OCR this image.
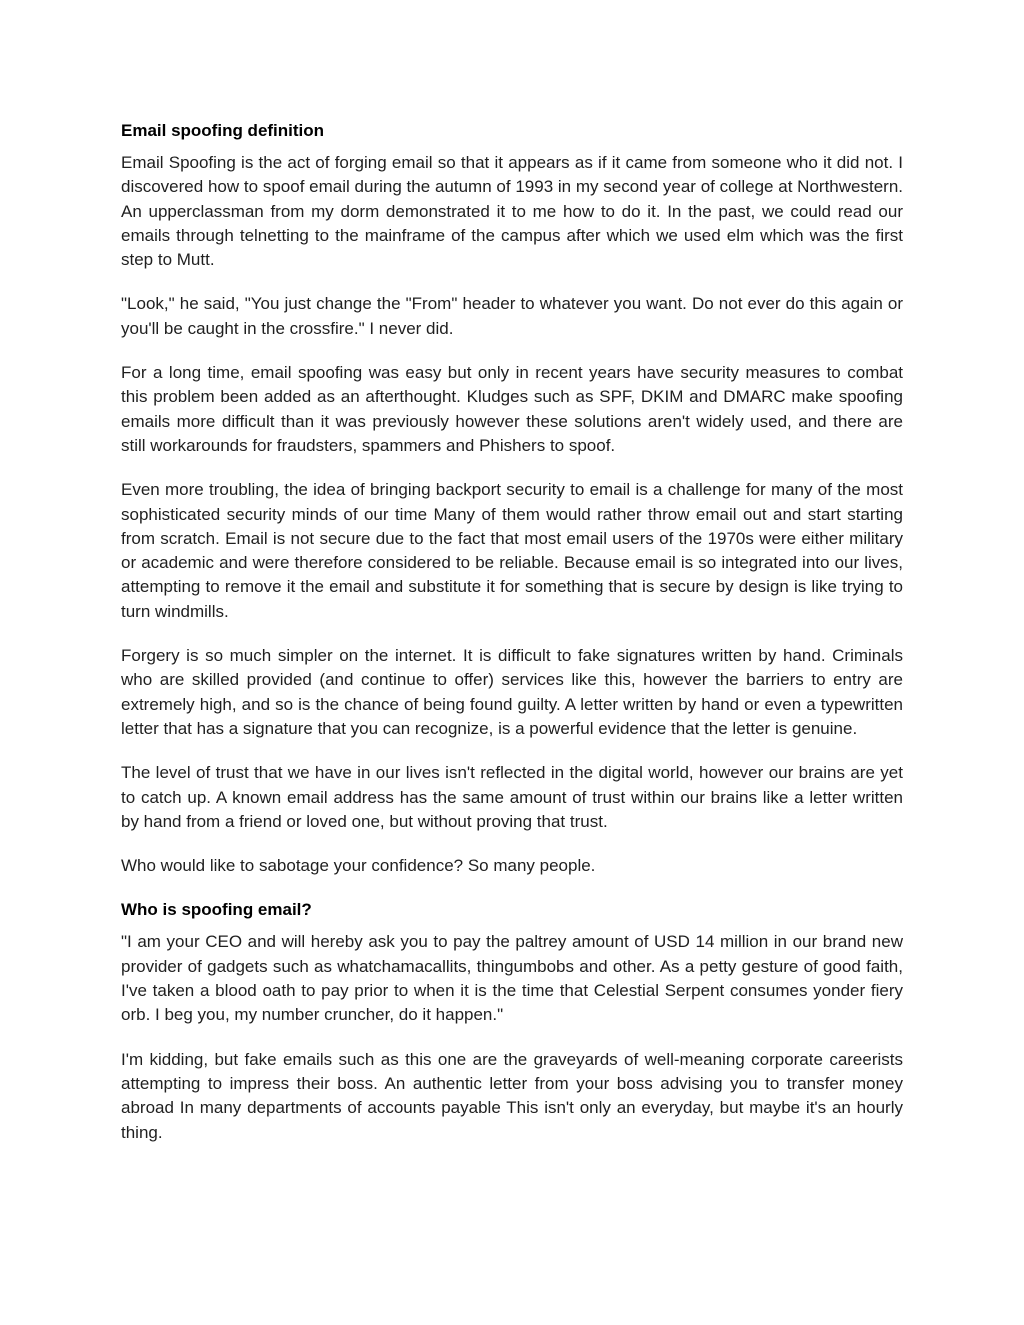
Email spoofing definition

Email Spoofing is the act of forging email so that it appears as if it came from someone who it did not. I discovered how to spoof email during the autumn of 1993 in my second year of college at Northwestern. An upperclassman from my dorm demonstrated it to me how to do it. In the past, we could read our emails through telnetting to the mainframe of the campus after which we used elm which was the first step to Mutt.

"Look," he said, "You just change the "From" header to whatever you want. Do not ever do this again or you'll be caught in the crossfire." I never did.

For a long time, email spoofing was easy but only in recent years have security measures to combat this problem been added as an afterthought. Kludges such as SPF, DKIM and DMARC make spoofing emails more difficult than it was previously however these solutions aren't widely used, and there are still workarounds for fraudsters, spammers and Phishers to spoof.

Even more troubling, the idea of bringing backport security to email is a challenge for many of the most sophisticated security minds of our time Many of them would rather throw email out and start starting from scratch. Email is not secure due to the fact that most email users of the 1970s were either military or academic and were therefore considered to be reliable. Because email is so integrated into our lives, attempting to remove it the email and substitute it for something that is secure by design is like trying to turn windmills.

Forgery is so much simpler on the internet. It is difficult to fake signatures written by hand. Criminals who are skilled provided (and continue to offer) services like this, however the barriers to entry are extremely high, and so is the chance of being found guilty. A letter written by hand or even a typewritten letter that has a signature that you can recognize, is a powerful evidence that the letter is genuine.

The level of trust that we have in our lives isn't reflected in the digital world, however our brains are yet to catch up. A known email address has the same amount of trust within our brains like a letter written by hand from a friend or loved one, but without proving that trust.

Who would like to sabotage your confidence? So many people.

Who is spoofing email?

"I am your CEO and will hereby ask you to pay the paltrey amount of USD 14 million in our brand new provider of gadgets such as whatchamacallits, thingumbobs and other. As a petty gesture of good faith, I've taken a blood oath to pay prior to when it is the time that Celestial Serpent consumes yonder fiery orb. I beg you, my number cruncher, do it happen."

I'm kidding, but fake emails such as this one are the graveyards of well-meaning corporate careerists attempting to impress their boss. An authentic letter from your boss advising you to transfer money abroad In many departments of accounts payable This isn't only an everyday, but maybe it's an hourly thing.
